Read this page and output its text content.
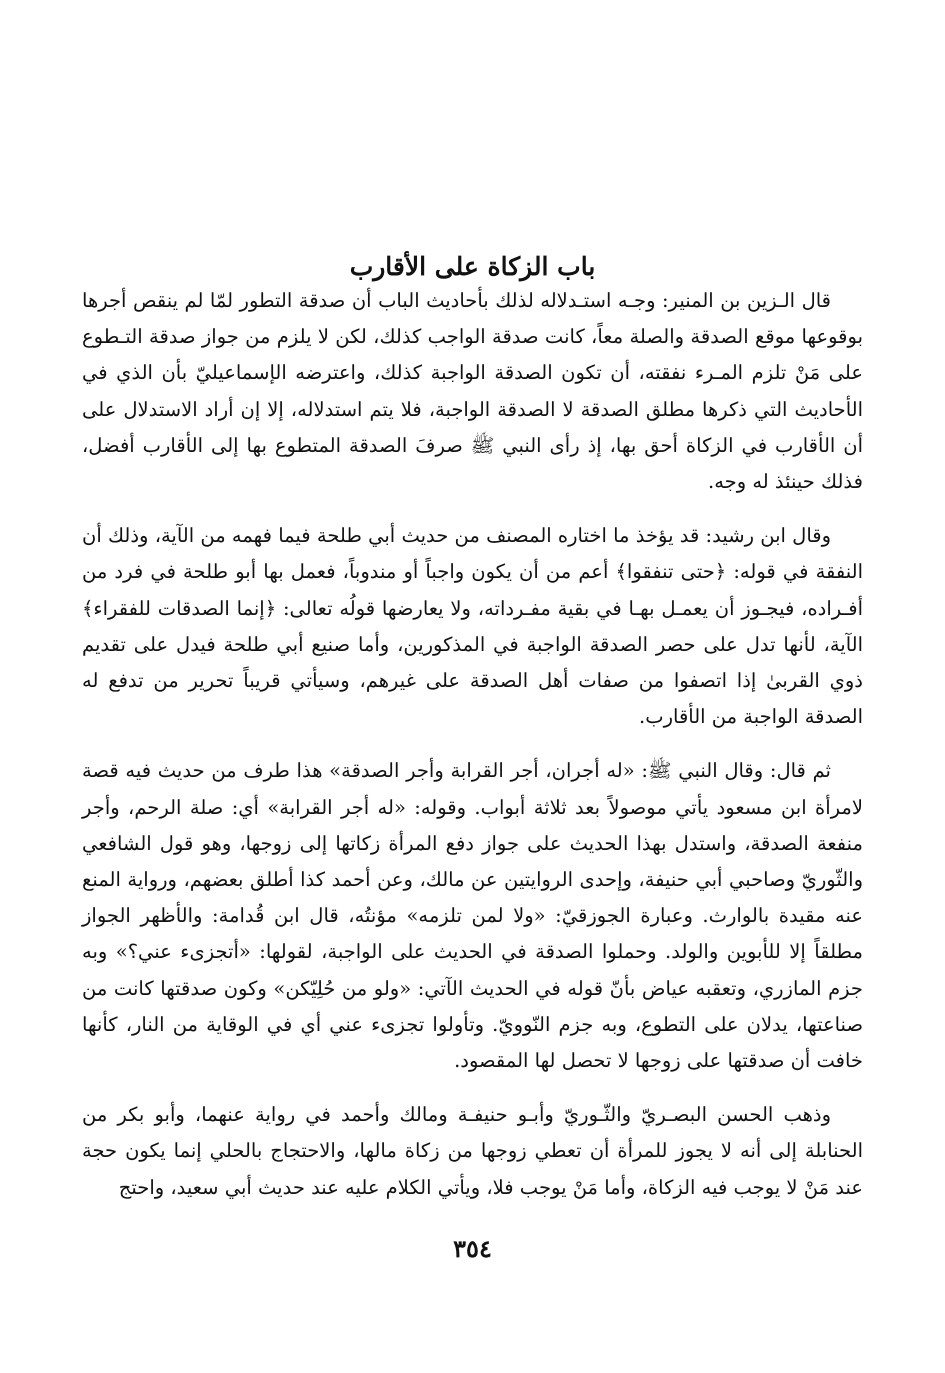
باب الزكاة على الأقارب

قال الـزين بن المنير: وجـه استـدلاله لذلك بأحاديث الباب أن صدقة التطور لمّا لم ينقص أجرها بوقوعها موقع الصدقة والصلة معاً، كانت صدقة الواجب كذلك، لكن لا يلزم من جواز صدقة التـطوع على مَنْ تلزم المـرء نفقته، أن تكون الصدقة الواجبة كذلك، واعترضه الإسماعيليّ بأن الذي في الأحاديث التي ذكرها مطلق الصدقة لا الصدقة الواجبة، فلا يتم استدلاله، إلا إن أراد الاستدلال على أن الأقارب في الزكاة أحق بها، إذ رأى النبي ﷺ صرفَ الصدقة المتطوع بها إلى الأقارب أفضل، فذلك حينئذ له وجه.

وقال ابن رشيد: قد يؤخذ ما اختاره المصنف من حديث أبي طلحة فيما فهمه من الآية، وذلك أن النفقة في قوله: ﴿حتى تنفقوا﴾ أعم من أن يكون واجباً أو مندوباً، فعمل بها أبو طلحة في فرد من أفـراده، فيجـوز أن يعمـل بهـا في بقية مفـرداته، ولا يعارضها قولُه تعالى: ﴿إنما الصدقات للفقراء﴾ الآية، لأنها تدل على حصر الصدقة الواجبة في المذكورين، وأما صنيع أبي طلحة فيدل على تقديم ذوي القربىٰ إذا اتصفوا من صفات أهل الصدقة على غيرهم، وسيأتي قريباً تحرير من تدفع له الصدقة الواجبة من الأقارب.

ثم قال: وقال النبي ﷺ: «له أجران، أجر القرابة وأجر الصدقة» هذا طرف من حديث فيه قصة لامرأة ابن مسعود يأتي موصولاً بعد ثلاثة أبواب. وقوله: «له أجر القرابة» أي: صلة الرحم، وأجر منفعة الصدقة، واستدل بهذا الحديث على جواز دفع المرأة زكاتها إلى زوجها، وهو قول الشافعي والثّوريّ وصاحبي أبي حنيفة، وإحدى الروايتين عن مالك، وعن أحمد كذا أطلق بعضهم، ورواية المنع عنه مقيدة بالوارث. وعبارة الجوزقيّ: «ولا لمن تلزمه» مؤنتُه، قال ابن قُدامة: والأظهر الجواز مطلقاً إلا للأبوين والولد. وحملوا الصدقة في الحديث على الواجبة، لقولها: «أتجزىء عني؟» وبه جزم المازري، وتعقبه عياض بأنّ قوله في الحديث الآتي: «ولو من حُلِيّكن» وكون صدقتها كانت من صناعتها، يدلان على التطوع، وبه جزم النّوويّ. وتأولوا تجزىء عني أي في الوقاية من النار، كأنها خافت أن صدقتها على زوجها لا تحصل لها المقصود.

وذهب الحسن البصـريّ والثّـوريّ وأبـو حنيفـة ومالك وأحمد في رواية عنهما، وأبو بكر من الحنابلة إلى أنه لا يجوز للمرأة أن تعطي زوجها من زكاة مالها، والاحتجاج بالحلي إنما يكون حجة عند مَنْ لا يوجب فيه الزكاة، وأما مَنْ يوجب فلا، ويأتي الكلام عليه عند حديث أبي سعيد، واحتج

٣٥٤
